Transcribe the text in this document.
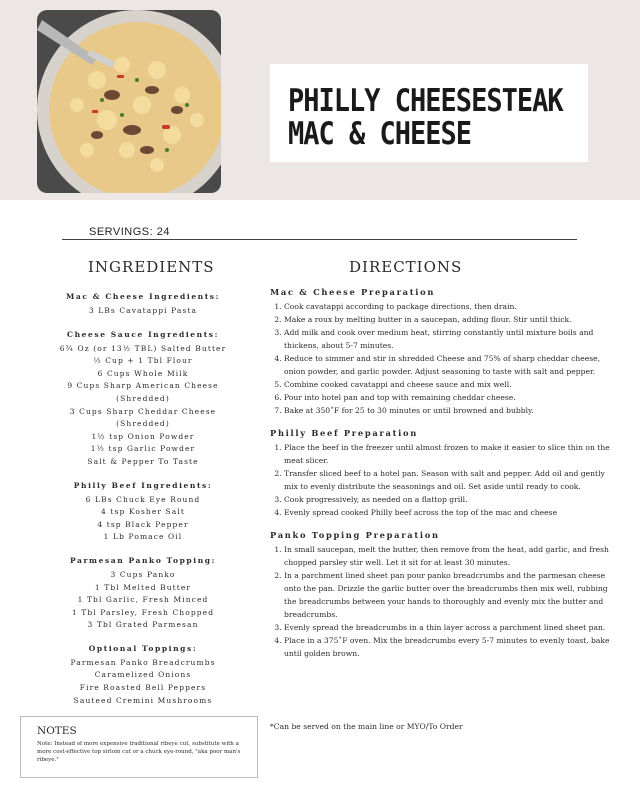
PHILLY CHEESESTEAK
MAC & CHEESE
SERVINGS: 24
INGREDIENTS	DIRECTIONS
Mac & Cheese Ingredients:
3 LBs Cavatappi Pasta
Cheese Sauce Ingredients:
6¾ Oz (or 13½ TBL) Salted Butter
½ Cup + 1 Tbl Flour
6 Cups Whole Milk
9 Cups Sharp American Cheese
(Shredded)
3 Cups Sharp Cheddar Cheese
(Shredded)
1½ tsp Onion Powder
1½ tsp Garlic Powder
Salt & Pepper To Taste
Philly Beef Ingredients:
6 LBs Chuck Eye Round
4 tsp Kosher Salt
4 tsp Black Pepper
1 Lb Pomace Oil
Parmesan Panko Topping:
3 Cups Panko
1 Tbl Melted Butter
1 Tbl Garlic, Fresh Minced
1 Tbl Parsley, Fresh Chopped
3 Tbl Grated Parmesan
Optional Toppings:
Parmesan Panko Breadcrumbs
Caramelized Onions
Fire Roasted Bell Peppers
Sauteed Cremini Mushrooms
Mac & Cheese Preparation
1. Cook cavatappi according to package directions, then drain.
2. Make a roux by melting butter in a saucepan, adding flour. Stir until thick.
3. Add milk and cook over medium heat, stirring constantly until mixture boils and thickens, about 5-7 minutes.
4. Reduce to simmer and stir in shredded Cheese and 75% of sharp cheddar cheese, onion powder, and garlic powder. Adjust seasoning to taste with salt and pepper.
5. Combine cooked cavatappi and cheese sauce and mix well.
6. Pour into hotel pan and top with remaining cheddar cheese.
7. Bake at 350˚F for 25 to 30 minutes or until browned and bubbly.
Philly Beef Preparation
1. Place the beef in the freezer until almost frozen to make it easier to slice thin on the meat slicer.
2. Transfer sliced beef to a hotel pan. Season with salt and pepper. Add oil and gently mix to evenly distribute the seasonings and oil. Set aside until ready to cook.
3. Cook progressively, as needed on a flattop grill.
4. Evenly spread cooked Philly beef across the top of the mac and cheese
Panko Topping Preparation
1. In small saucepan, melt the butter, then remove from the heat, add garlic, and fresh chopped parsley stir well. Let it sit for at least 30 minutes.
2. In a parchment lined sheet pan pour panko breadcrumbs and the parmesan cheese onto the pan. Drizzle the garlic butter over the breadcrumbs then mix well, rubbing the breadcrumbs between your hands to thoroughly and evenly mix the butter and breadcrumbs.
3. Evenly spread the breadcrumbs in a thin layer across a parchment lined sheet pan.
4. Place in a 375˚F oven. Mix the breadcrumbs every 5-7 minutes to evenly toast, bake until golden brown.
*Can be served on the main line or MYO/To Order
NOTES
Note: Instead of more expensive traditional ribeye cut, substitute with a more cost-effective top sirloin cut or a chuck eye-round, "aka poor man's ribeye."
